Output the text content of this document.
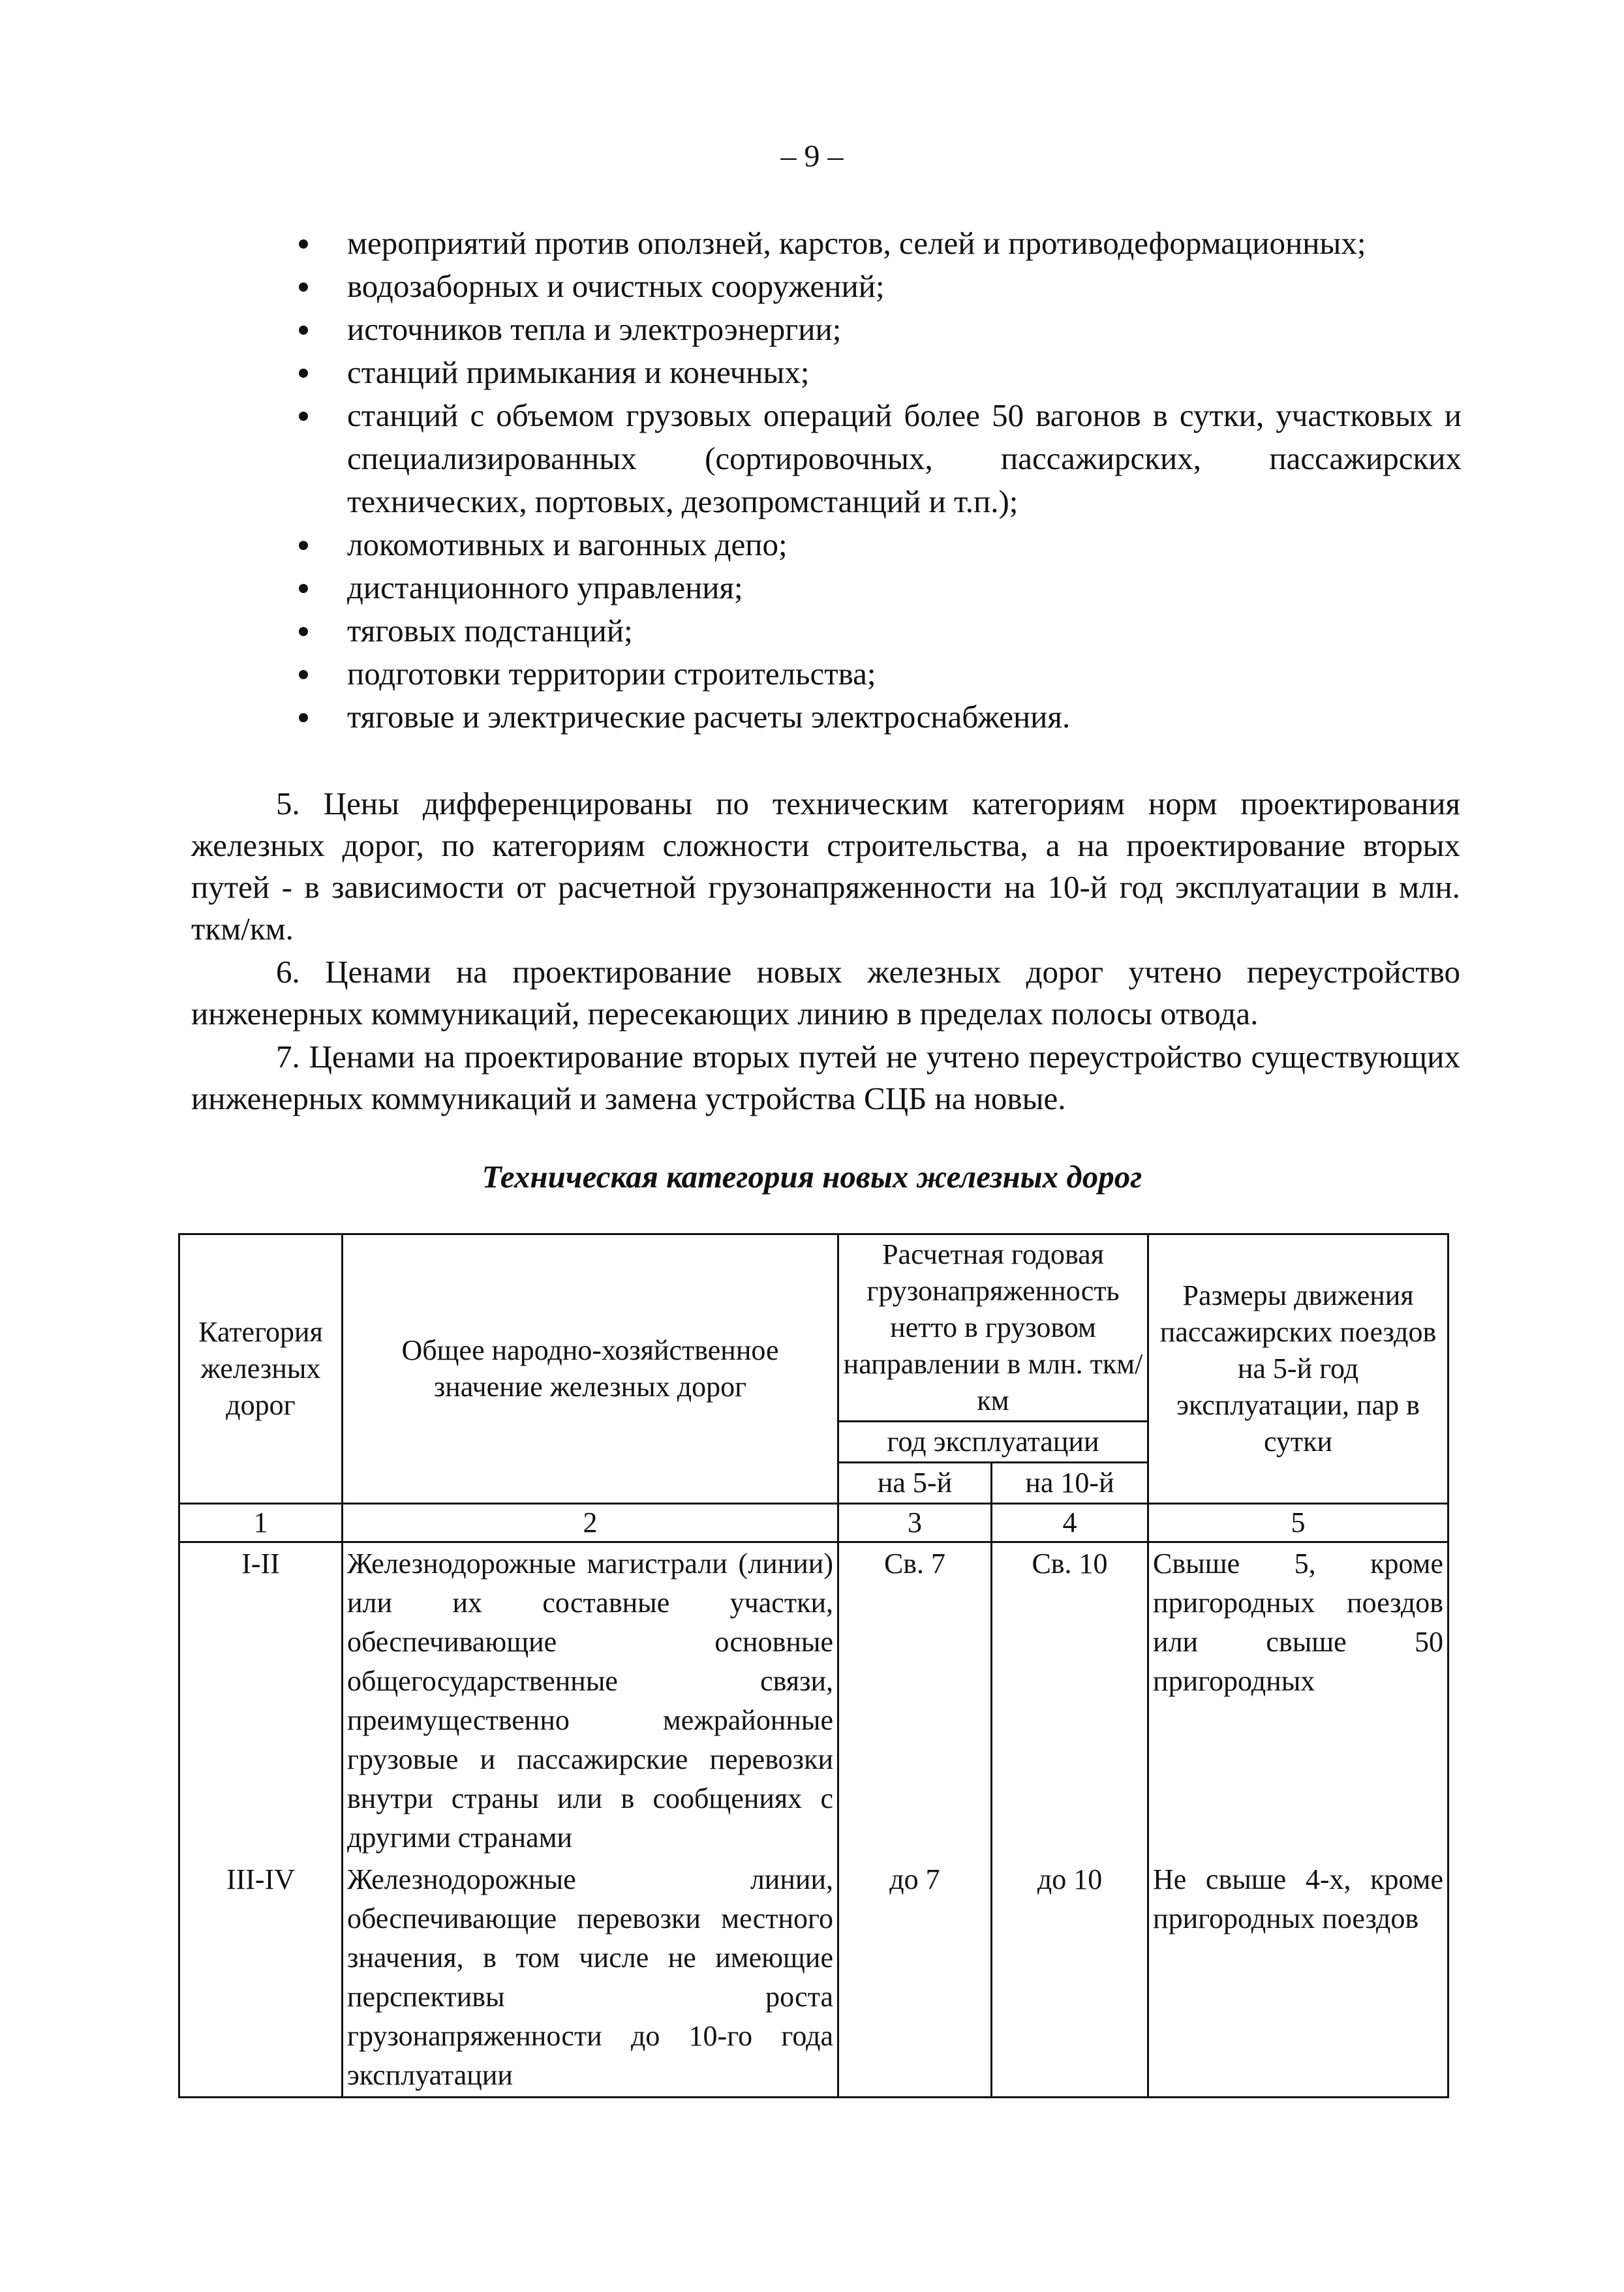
– 9 –
мероприятий против оползней, карстов, селей и противодеформационных;
водозаборных и очистных сооружений;
источников тепла и электроэнергии;
станций примыкания и конечных;
станций с объемом грузовых операций более 50 вагонов в сутки, участковых и специализированных (сортировочных, пассажирских, пассажирских технических, портовых, дезопромстанций и т.п.);
локомотивных и вагонных депо;
дистанционного управления;
тяговых подстанций;
подготовки территории строительства;
тяговые и электрические расчеты электроснабжения.

5. Цены дифференцированы по техническим категориям норм проектирования железных дорог, по категориям сложности строительства, а на проектирование вторых путей - в зависимости от расчетной грузонапряженности на 10-й год эксплуатации в млн. ткм/км.

6. Ценами на проектирование новых железных дорог учтено переустройство инженерных коммуникаций, пересекающих линию в пределах полосы отвода.

7. Ценами на проектирование вторых путей не учтено переустройство существующих инженерных коммуникаций и замена устройства СЦБ на новые.

Техническая категория новых железных дорог
Категория железных дорог	Общее народно-хозяйственное значение железных дорог	Расчетная годовая грузонапряженность нетто в грузовом направлении в млн. ткм/км		Размеры движения пассажирских поездов на 5-й год эксплуатации, пар в сутки
		год эксплуатации		
		на 5-й	на 10-й	
1	2	3	4	5
I-II	Железнодорожные магистрали (линии) или их составные участки, обеспечивающие основные общегосударственные связи, преимущественно межрайонные грузовые и пассажирские перевозки внутри страны или в сообщениях с другими странами	Св. 7	Св. 10	Свыше 5, кроме пригородных поездов или свыше 50 пригородных
III-IV	Железнодорожные линии, обеспечивающие перевозки местного значения, в том числе не имеющие перспективы роста грузонапряженности до 10-го года эксплуатации	до 7	до 10	Не свыше 4-х, кроме пригородных поездов
